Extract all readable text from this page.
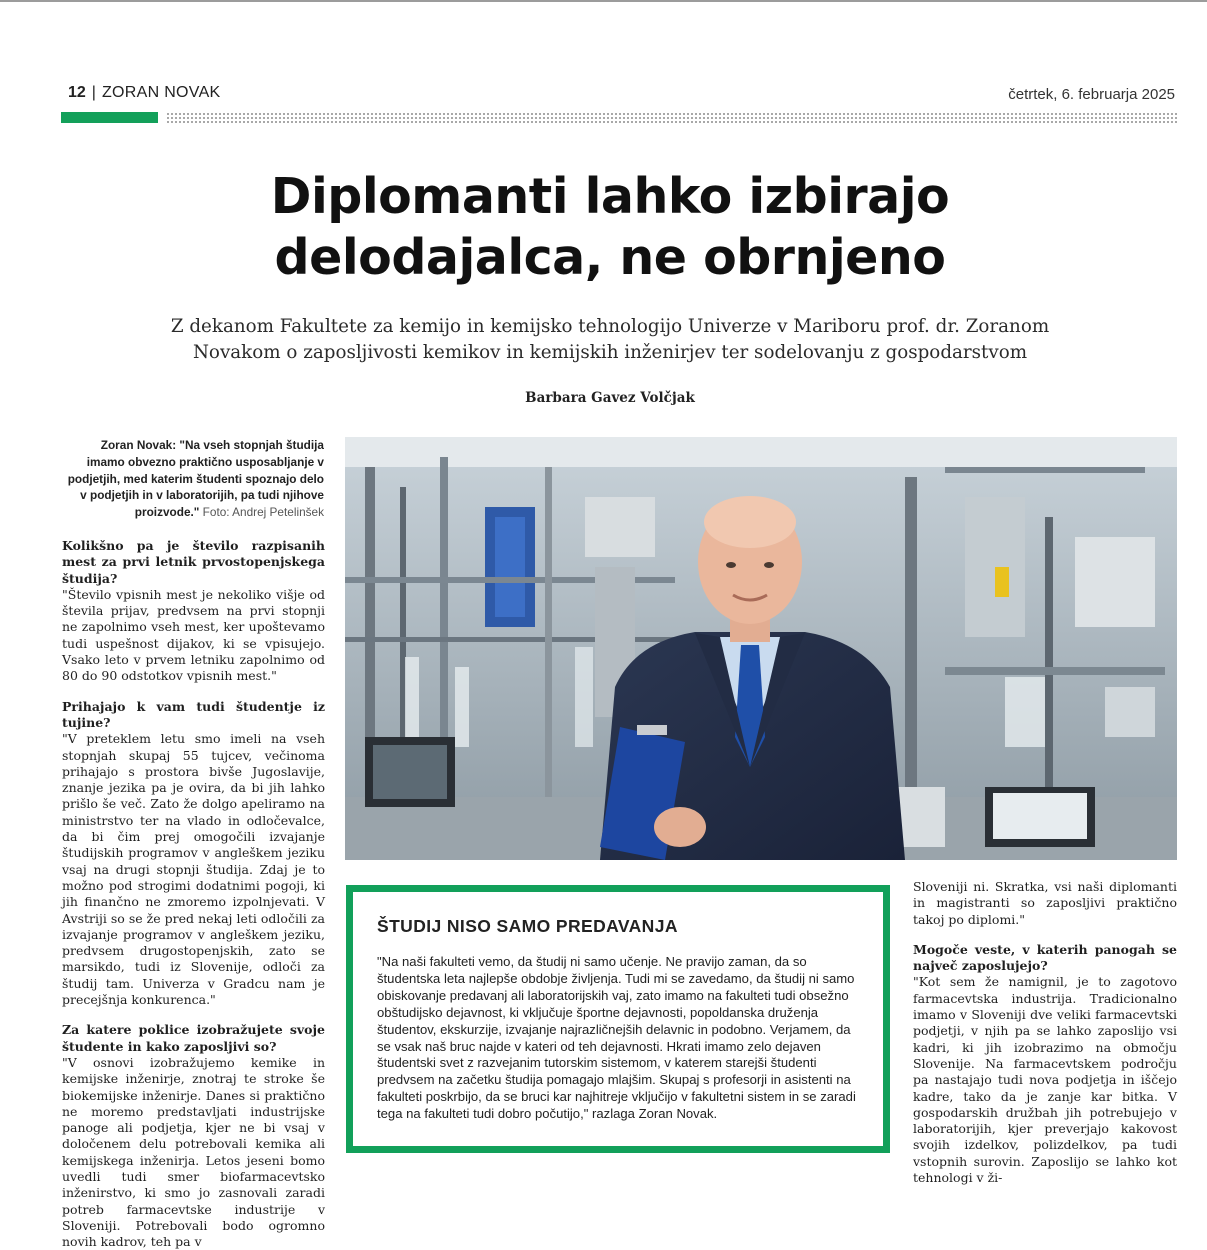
12 | ZORAN NOVAK	četrtek, 6. februarja 2025
Diplomanti lahko izbirajo
delodajalca, ne obrnjeno
Z dekanom Fakultete za kemijo in kemijsko tehnologijo Univerze v Mariboru prof. dr. Zoranom
Novakom o zaposljivosti kemikov in kemijskih inženirjev ter sodelovanju z gospodarstvom
Barbara Gavez Volčjak
Zoran Novak: "Na vseh stopnjah študija imamo obvezno praktično usposabljanje v podjetjih, med katerim študenti spoznajo delo v podjetjih in v laboratorijih, pa tudi njihove proizvode." Foto: Andrej Petelinšek
Kolikšno pa je število razpisanih mest za prvi letnik prvostopenjskega študija?
"Število vpisnih mest je nekoliko višje od števila prijav, predvsem na prvi stopnji ne zapolnimo vseh mest, ker upoštevamo tudi uspešnost dijakov, ki se vpisujejo. Vsako leto v prvem letniku zapolnimo od 80 do 90 odstotkov vpisnih mest."
Prihajajo k vam tudi študentje iz tujine?
"V preteklem letu smo imeli na vseh stopnjah skupaj 55 tujcev, večinoma prihajajo s prostora bivše Jugoslavije, znanje jezika pa je ovira, da bi jih lahko prišlo še več. Zato že dolgo apeliramo na ministrstvo ter na vlado in odločevalce, da bi čim prej omogočili izvajanje študijskih programov v angleškem jeziku vsaj na drugi stopnji študija. Zdaj je to možno pod strogimi dodatnimi pogoji, ki jih finančno ne zmoremo izpolnjevati. V Avstriji so se že pred nekaj leti odločili za izvajanje programov v angleškem jeziku, predvsem drugostopenjskih, zato se marsikdo, tudi iz Slovenije, odloči za študij tam. Univerza v Gradcu nam je precejšnja konkurenca."
Za katere poklice izobražujete svoje študente in kako zaposljivi so?
"V osnovi izobražujemo kemike in kemijske inženirje, znotraj te stroke še biokemijske inženirje. Danes si praktično ne moremo predstavljati industrijske panoge ali podjetja, kjer ne bi vsaj v določenem delu potrebovali kemika ali kemijskega inženirja. Letos jeseni bomo uvedli tudi smer biofarmacevtsko inženirstvo, ki smo jo zasnovali zaradi potreb farmacevtske industrije v Sloveniji. Potrebovali bodo ogromno novih kadrov, teh pa v
ŠTUDIJ NISO SAMO PREDAVANJA
"Na naši fakulteti vemo, da študij ni samo učenje. Ne pravijo zaman, da so študentska leta najlepše obdobje življenja. Tudi mi se zavedamo, da študij ni samo obiskovanje predavanj ali laboratorijskih vaj, zato imamo na fakulteti tudi obsežno obštudijsko dejavnost, ki vključuje športne dejavnosti, popoldanska druženja študentov, ekskurzije, izvajanje najrazličnejših delavnic in podobno. Verjamem, da se vsak naš bruc najde v kateri od teh dejavnosti. Hkrati imamo zelo dejaven študentski svet z razvejanim tutorskim sistemom, v katerem starejši študenti predvsem na začetku študija pomagajo mlajšim. Skupaj s profesorji in asistenti na fakulteti poskrbijo, da se bruci kar najhitreje vključijo v fakultetni sistem in se zaradi tega na fakulteti tudi dobro počutijo," razlaga Zoran Novak.
Sloveniji ni. Skratka, vsi naši diplomanti in magistranti so zaposljivi praktično takoj po diplomi."
Mogoče veste, v katerih panogah se največ zaposlujejo?
"Kot sem že namignil, je to zagotovo farmacevtska industrija. Tradicionalno imamo v Sloveniji dve veliki farmacevtski podjetji, v njih pa se lahko zaposlijo vsi kadri, ki jih izobrazimo na območju Slovenije. Na farmacevtskem področju pa nastajajo tudi nova podjetja in iščejo kadre, tako da je zanje kar bitka. V gospodarskih družbah jih potrebujejo v laboratorijih, kjer preverjajo kakovost svojih izdelkov, polizdelkov, pa tudi vstopnih surovin. Zaposlijo se lahko kot tehnologi v ži-
